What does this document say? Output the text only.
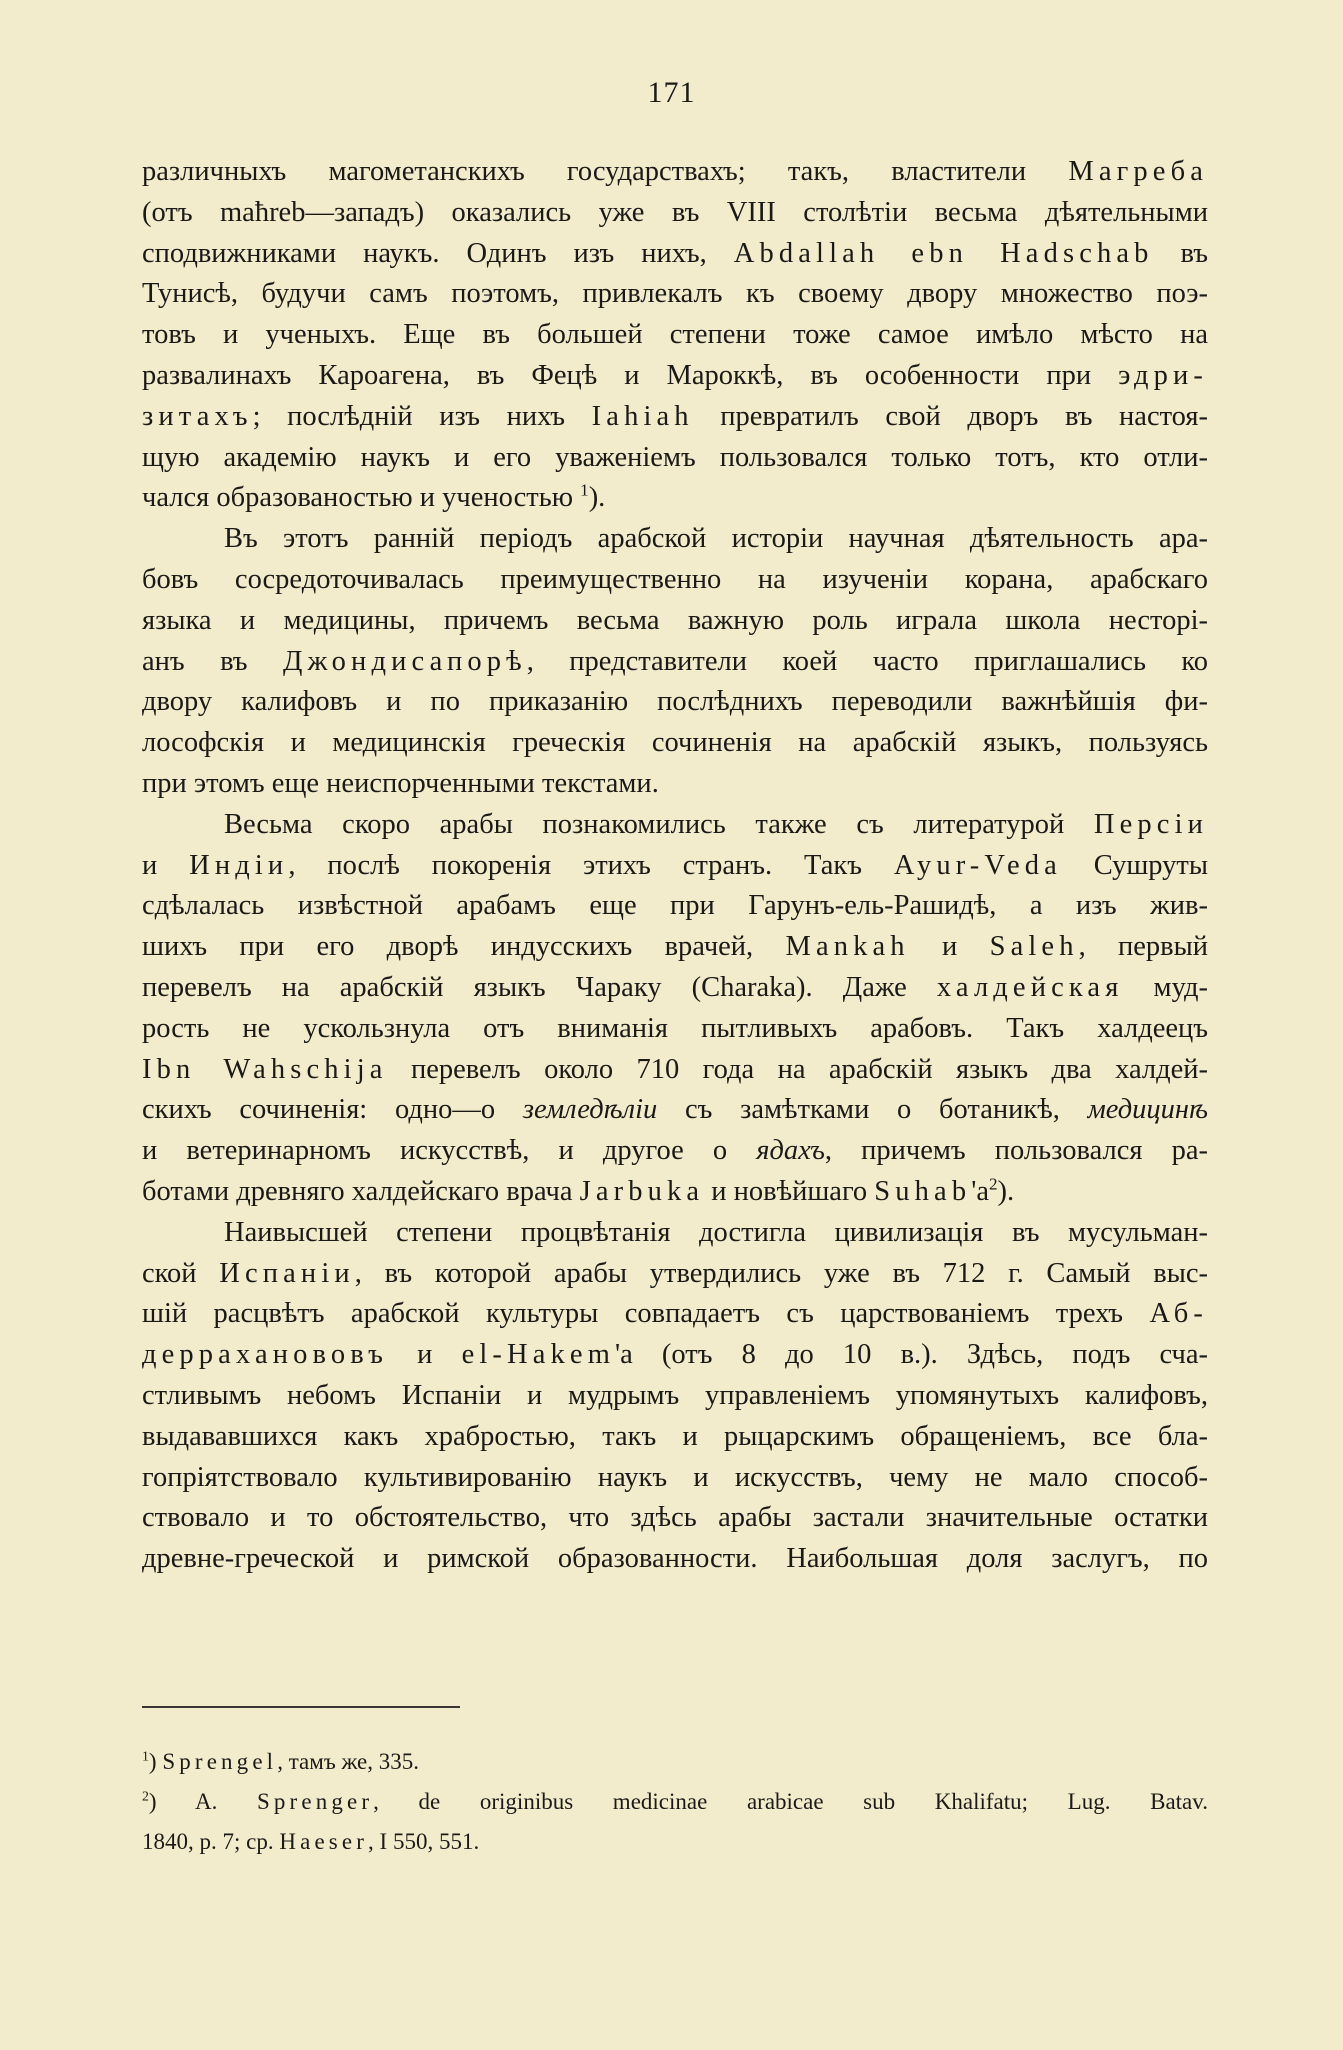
171
различныхъ магометанскихъ государствахъ; такъ, властители Магреба
(отъ maħreb—западъ) оказались уже въ VIII столѣтіи весьма дѣятельными
сподвижниками наукъ. Одинъ изъ нихъ, Abdallah ebn Hadschab въ
Тунисѣ, будучи самъ поэтомъ, привлекалъ къ своему двору множество поэ-
товъ и ученыхъ. Еще въ большей степени тоже самое имѣло мѣсто на
развалинахъ Кароагена, въ Фецѣ и Мароккѣ, въ особенности при эдри-
зитахъ; послѣдній изъ нихъ Iahiah превратилъ свой дворъ въ настоя-
щую академію наукъ и его уваженіемъ пользовался только тотъ, кто отли-
чался образованостью и ученостью $^1$).
Въ этотъ ранній періодъ арабской исторіи научная дѣятельность ара-
бовъ сосредоточивалась преимущественно на изученіи корана, арабскаго
языка и медицины, причемъ весьма важную роль играла школа несторі-
анъ въ Джондисапорѣ, представители коей часто приглашались ко
двору калифовъ и по приказанію послѣднихъ переводили важнѣйшія фи-
лософскія и медицинскія греческія сочиненія на арабскій языкъ, пользуясь
при этомъ еще неиспорченными текстами.
Весьма скоро арабы познакомились также съ литературой Персіи
и Индіи, послѣ покоренія этихъ странъ. Такъ Ayur-Veda Сушруты
сдѣлалась извѣстной арабамъ еще при Гарунъ-ель-Рашидѣ, а изъ жив-
шихъ при его дворѣ индусскихъ врачей, Mankah и Saleh, первый
перевелъ на арабскій языкъ Чараку (Charaka). Даже халдейская муд-
рость не ускользнула отъ вниманія пытливыхъ арабовъ. Такъ халдеецъ
Ibn Wahschija перевелъ около 710 года на арабскій языкъ два халдей-
скихъ сочиненія: одно—о земледѣліи съ замѣтками о ботаникѣ, медицинѣ
и ветеринарномъ искусствѣ, и другое о ядахъ, причемъ пользовался ра-
ботами древняго халдейскаго врача Jarbuka и новѣйшаго $Suhab'а^2$).
Наивысшей степени процвѣтанія достигла цивилизація въ мусульман-
ской Испаніи, въ которой арабы утвердились уже въ 712 г. Самый выс-
шій расцвѣтъ арабской культуры совпадаетъ съ царствованіемъ трехъ Аб-
дерраханововъ и el-Hakem'а (отъ 8 до 10 в.). Здѣсь, подъ сча-
стливымъ небомъ Испаніи и мудрымъ управленіемъ упомянутыхъ калифовъ,
выдававшихся какъ храбростью, такъ и рыцарскимъ обращеніемъ, все бла-
гопріятствовало культивированію наукъ и искусствъ, чему не мало способ-
ствовало и то обстоятельство, что здѣсь арабы застали значительные остатки
древне-греческой и римской образованности. Наибольшая доля заслугъ, по
$^1$) Sprengel, тамъ же, 335.
$^2$) A. Sprenger, de originibus medicinae arabicae sub Khalifatu; Lug. Batav.
1840, p. 7; ср. Haeser, I 550, 551.
